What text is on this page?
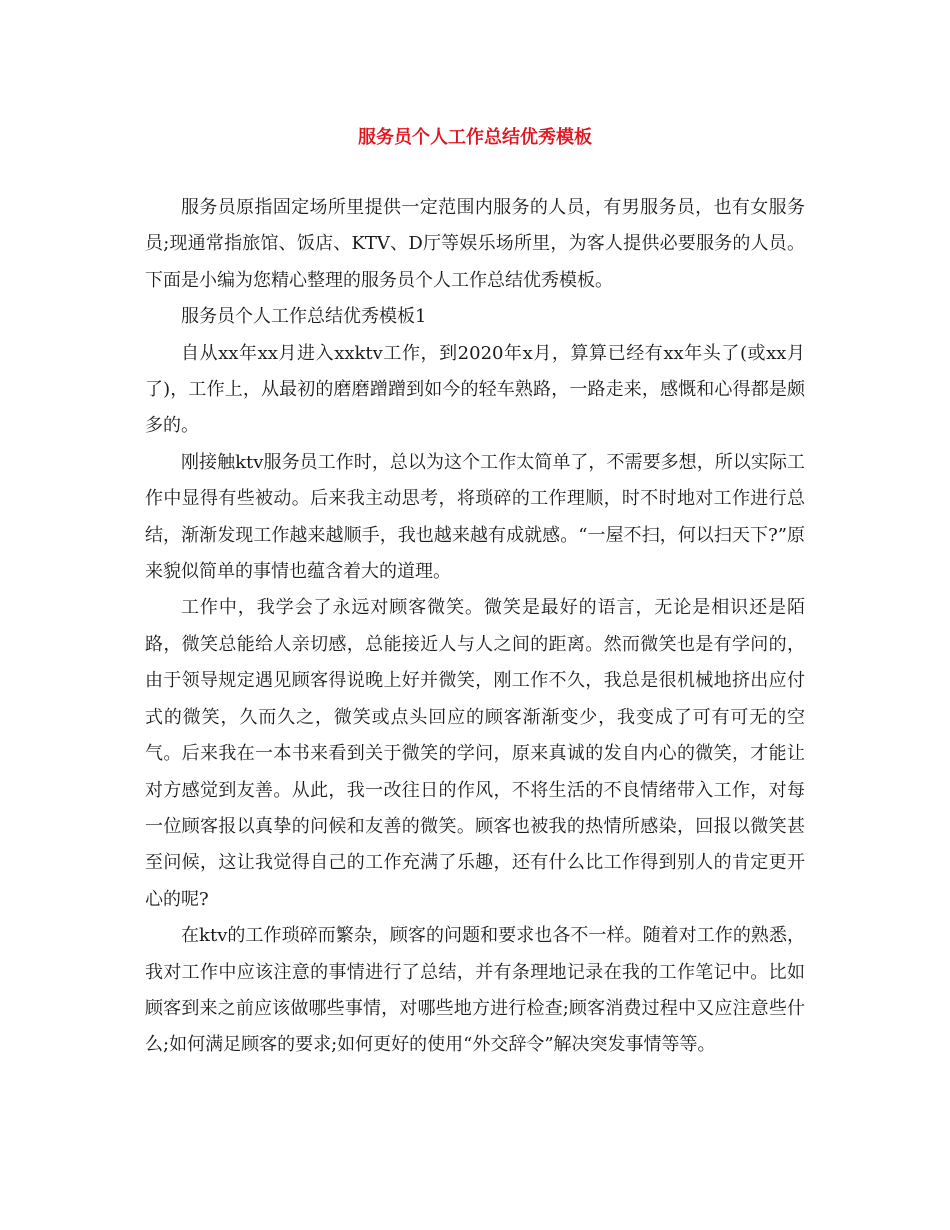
服务员个人工作总结优秀模板

服务员原指固定场所里提供一定范围内服务的人员，有男服务员，也有女服务员;现通常指旅馆、饭店、KTV、D厅等娱乐场所里，为客人提供必要服务的人员。下面是小编为您精心整理的服务员个人工作总结优秀模板。

服务员个人工作总结优秀模板1

自从xx年xx月进入xxktv工作，到2020年x月，算算已经有xx年头了(或xx月了)，工作上，从最初的磨磨蹭蹭到如今的轻车熟路，一路走来，感慨和心得都是颇多的。

刚接触ktv服务员工作时，总以为这个工作太简单了，不需要多想，所以实际工作中显得有些被动。后来我主动思考，将琐碎的工作理顺，时不时地对工作进行总结，渐渐发现工作越来越顺手，我也越来越有成就感。“一屋不扫，何以扫天下?”原来貌似简单的事情也蕴含着大的道理。

工作中，我学会了永远对顾客微笑。微笑是最好的语言，无论是相识还是陌路，微笑总能给人亲切感，总能接近人与人之间的距离。然而微笑也是有学问的，由于领导规定遇见顾客得说晚上好并微笑，刚工作不久，我总是很机械地挤出应付式的微笑，久而久之，微笑或点头回应的顾客渐渐变少，我变成了可有可无的空气。后来我在一本书来看到关于微笑的学问，原来真诚的发自内心的微笑，才能让对方感觉到友善。从此，我一改往日的作风，不将生活的不良情绪带入工作，对每一位顾客报以真挚的问候和友善的微笑。顾客也被我的热情所感染，回报以微笑甚至问候，这让我觉得自己的工作充满了乐趣，还有什么比工作得到别人的肯定更开心的呢?

在ktv的工作琐碎而繁杂，顾客的问题和要求也各不一样。随着对工作的熟悉，我对工作中应该注意的事情进行了总结，并有条理地记录在我的工作笔记中。比如顾客到来之前应该做哪些事情，对哪些地方进行检查;顾客消费过程中又应注意些什么;如何满足顾客的要求;如何更好的使用“外交辞令”解决突发事情等等。
